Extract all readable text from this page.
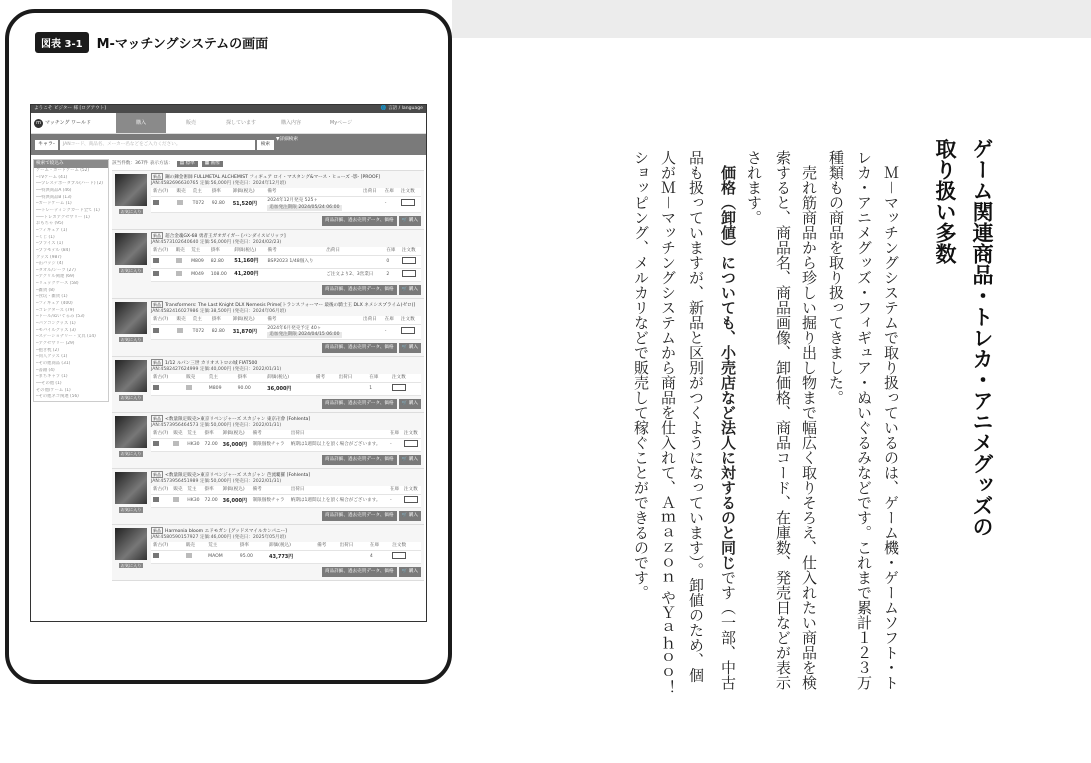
図表 3-1	M-マッチングシステムの画面
ようこそ ビジター 様 [ログアウト]	🌐 言語 / language
m マッチング ワールド	購入	販売	探しています	購入内容	Myページ
キャラ-	JANコード、商品名、メーカー名などをご入力ください。	検索
▼詳細検索
検索で絞込み
ゲーム・カードゲーム (52)
─TVゲーム (41)
──プレステポータブル(ハード) (2)
──特典商品A (46)
──特典商品B (13)
─カードゲーム (1)
──トレーディングカード全て (1)
───トレカアクセサリー (1)
おもちゃ (95)
─フィギュア (1)
─くじ (1)
─プライズ (1)
─プラモデル (84)
グッズ (987)
─缶バッジ (4)
─タオル/シーツ (27)
─アクリル関連 (69)
─リュックケース (58)
─雑貨 (8)
─食玩・雑貨 (1)
─フィギュア (400)
─コレクターズ (79)
─ドール/ぬいぐるみ (53)
─パソコングッズ (1)
─モバイルグッズ (3)
─ステーショナリー・文具 (14)
─アクセサリー (29)
─抱き枕 (2)
─同人グッズ (1)
─その他商品 (31)
─書籍 (4)
─まちキャラ (1)
──その他 (1)
その他/ゲーム (1)
─その他ネコ関連 (56)
該当件数：367件 表示方法：	▤ 標準	▦ 画像
お気に入り
新品 鋼の錬金術師 FULLMETAL ALCHEMIST フィギュア ロイ・マスタング&マース・ヒューズ -影- [PROOF]
JAN:4582696630765 定価:56,000円 (発売日：2024年12月頃)
新古(?)	販売	荒主	掛率	卸価(税込)	備考	出荷日	在庫	注文数
		T072	92.80	51,520円	2024年12月発売 525ヶ
追加発注期限 2024/05/24 06:00		-	
商品詳細、過去売買データ、価格	🛒 購入
お気に入り
新品 超合金魂GX-68 勇者王ガオガイガー [バンダイスピリッツ]
JAN:4573102640640 定価:56,000円 (発売日：2024/02/23)
新古(?)	販売	荒主	掛率	卸価(税込)	備考	出荷日	在庫	注文数
		M809	82.80	51,160円	BSP2023 1/48個入り		0	
		M049	108.00	41,200円		ご注文より2、3営業日	2	
商品詳細、過去売買データ、価格	🛒 購入
お気に入り
新品 Transformers: The Last Knight DLX Nemesis Prime[トランスフォーマー 最後の騎士王 DLX ネメシスプライム(ゼロ)]
JAN:4582416027986 定価:38,500円 (発売日：2024年06月頃)
新古(?)	販売	荒主	掛率	卸価(税込)	備考	出荷日	在庫	注文数
		T072	82.80	31,870円	2024年6月発売予定 40ヶ
追加発注期限 2024/04/15 06:00		-	
商品詳細、過去売買データ、価格	🛒 購入
お気に入り
新品 1/12 ルパン三世 カリオストロの城 FIAT500
JAN:4582427624999 定価:40,000円 (発売日：2022/01/31)
新古(?)	販売	荒主	掛率	卸価(税込)	備考	出荷日	在庫	注文数
		M809	90.00	36,000円			1	
商品詳細、過去売買データ、価格	🛒 購入
お気に入り
新品 <数量限定販売>東京リベンジャーズ スカジャン 東京卍會 [Fohlenta]
JAN:4573956464573 定価:50,000円 (発売日：2022/01/31)
新古(?)	販売	荒主	掛率	卸価(税込)	備考	出荷日	在庫	注文数
		HK30	72.00	36,000円	制限個数チャラ	納期は1週間以上を頂く場合がございます。	-	
商品詳細、過去売買データ、価格	🛒 購入
お気に入り
新品 <数量限定販売>東京リベンジャーズ スカジャン 芭流覇羅 [Fohlenta]
JAN:4573956451989 定価:50,000円 (発売日：2022/01/31)
新古(?)	販売	荒主	掛率	卸価(税込)	備考	出荷日	在庫	注文数
		HK30	72.00	36,000円	制限個数チャラ	納期は1週間以上を頂く場合がございます。	-	
商品詳細、過去売買データ、価格	🛒 購入
お気に入り
新品 Harmonia bloom エドモガン [グッドスマイルカンパニー]
JAN:4580590157927 定価:46,000円 (発売日：2025年05月頃)
新古(?)	販売	荒主	掛率	卸価(税込)	備考	出荷日	在庫	注文数
		MAOM	95.00	43,773円			4	
商品詳細、過去売買データ、価格	🛒 購入
ゲーム関連商品・トレカ・アニメグッズの
取り扱い多数
　Ｍ－マッチングシステムで取り扱っているのは、ゲーム機・ゲームソフト・ト
レカ・アニメグッズ・フィギュア・ぬいぐるみなどです。これまで累計１２３万
種類もの商品を取り扱ってきました。
　売れ筋商品から珍しい掘り出し物まで幅広く取りそろえ、仕入れたい商品を検
索すると、商品名、商品画像、卸価格、商品コード、在庫数、発売日などが表示
されます。
　価格（卸値）についても、小売店など法人に対するのと同じです（一部、中古
品も扱っていますが、新品と区別がつくようになっています）。卸値のため、個
人がＭ－マッチングシステムから商品を仕入れて、Ａｍａｚｏｎ やＹａｈｏｏ！
ショッピング、メルカリなどで販売して稼ぐことができるのです。
